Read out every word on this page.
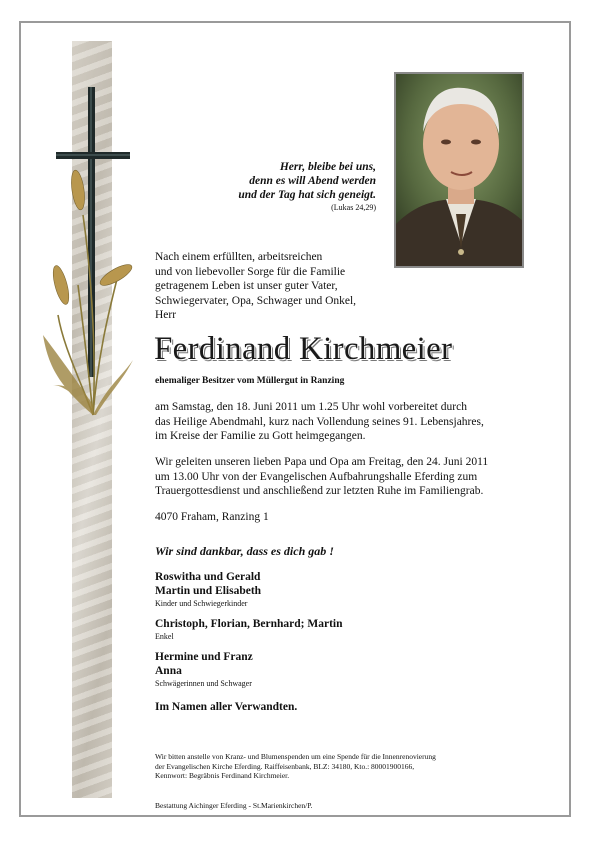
Herr, bleibe bei uns,
denn es will Abend werden
und der Tag hat sich geneigt.
(Lukas 24,29)
Nach einem erfüllten, arbeitsreichen
und von liebevoller Sorge für die Familie
getragenem Leben ist unser guter Vater,
Schwiegervater, Opa, Schwager und Onkel,
Herr
Ferdinand Kirchmeier
ehemaliger Besitzer vom Müllergut in Ranzing
am Samstag, den 18. Juni 2011 um 1.25 Uhr wohl vorbereitet durch
das Heilige Abendmahl, kurz nach Vollendung seines 91. Lebensjahres,
im Kreise der Familie zu Gott heimgegangen.
Wir geleiten unseren lieben Papa und Opa am Freitag, den 24. Juni 2011
um 13.00 Uhr von der Evangelischen Aufbahrungshalle Eferding zum
Trauergottesdienst und anschließend zur letzten Ruhe im Familiengrab.
4070 Fraham, Ranzing 1
Wir sind dankbar, dass es dich gab !
Roswitha und Gerald
Martin und Elisabeth
Kinder und Schwiegerkinder
Christoph, Florian, Bernhard; Martin
Enkel
Hermine und Franz
Anna
Schwägerinnen und Schwager
Im Namen aller Verwandten.
Wir bitten anstelle von Kranz- und Blumenspenden um eine Spende für die Innenrenovierung
der Evangelischen Kirche Eferding. Raiffeisenbank, BLZ: 34180, Kto.: 80001900166,
Kennwort: Begräbnis Ferdinand Kirchmeier.
Bestattung Aichinger Eferding - St.Marienkirchen/P.
